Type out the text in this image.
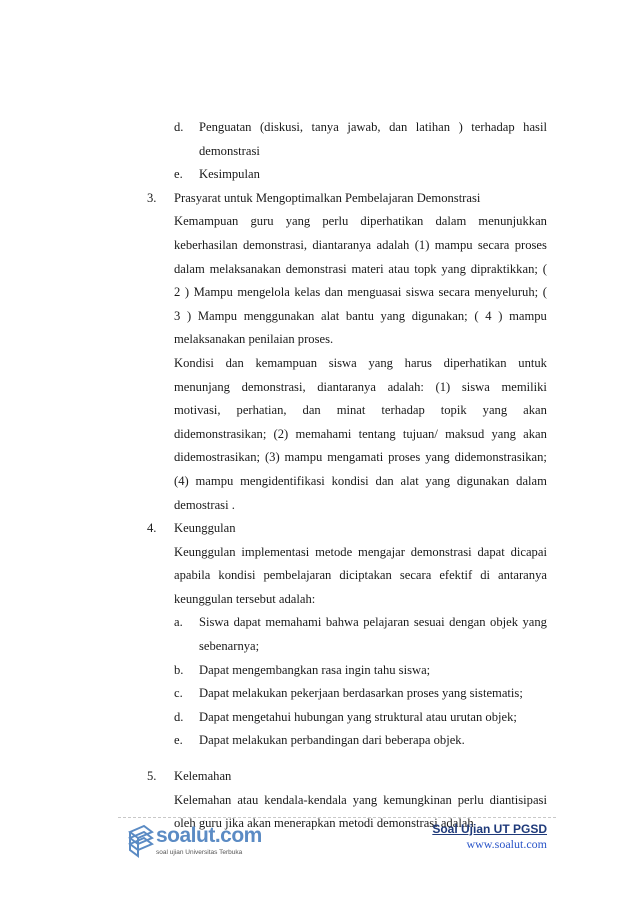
d. Penguatan (diskusi, tanya jawab, dan latihan ) terhadap hasil
demonstrasi
e. Kesimpulan
3. Prasyarat untuk Mengoptimalkan Pembelajaran Demonstrasi
Kemampuan guru yang perlu diperhatikan dalam menunjukkan
keberhasilan demonstrasi, diantaranya adalah (1) mampu secara proses
dalam melaksanakan demonstrasi materi atau topk yang dipraktikkan; (
2 ) Mampu mengelola kelas dan menguasai siswa secara menyeluruh; (
3 ) Mampu menggunakan alat bantu yang digunakan; ( 4 ) mampu
melaksanakan penilaian proses.
Kondisi dan kemampuan siswa yang harus diperhatikan untuk
menunjang demonstrasi, diantaranya adalah: (1) siswa memiliki
motivasi, perhatian, dan minat terhadap topik yang akan
didemonstrasikan; (2) memahami tentang tujuan/ maksud yang akan
didemostrasikan; (3) mampu mengamati proses yang didemonstrasikan;
(4) mampu mengidentifikasi kondisi dan alat yang digunakan dalam
demostrasi .
4. Keunggulan
Keunggulan implementasi metode mengajar demonstrasi dapat dicapai
apabila kondisi pembelajaran diciptakan secara efektif di antaranya
keunggulan tersebut adalah:
a. Siswa dapat memahami bahwa pelajaran sesuai dengan objek yang
sebenarnya;
b. Dapat mengembangkan rasa ingin tahu siswa;
c. Dapat melakukan pekerjaan berdasarkan proses yang sistematis;
d. Dapat mengetahui hubungan yang struktural atau urutan objek;
e. Dapat melakukan perbandingan dari beberapa objek.
5. Kelemahan
Kelemahan atau kendala-kendala yang kemungkinan perlu diantisipasi
oleh guru jika akan menerapkan metodi demonstrasi adalah
soalut.com
soal ujian Universitas Terbuka
Soal Ujian UT PGSD
www.soalut.com
